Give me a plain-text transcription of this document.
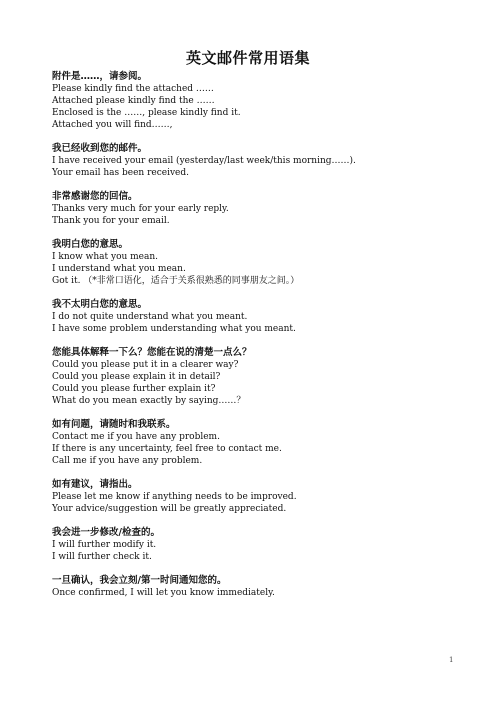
英文邮件常用语集
附件是……，请参阅。
Please kindly find the attached ……
Attached please kindly find the ……
Enclosed is the ……, please kindly find it.
Attached you will find……,
我已经收到您的邮件。
I have received your email (yesterday/last week/this morning……).
Your email has been received.
非常感谢您的回信。
Thanks very much for your early reply.
Thank you for your email.
我明白您的意思。
I know what you mean.
I understand what you mean.
Got it. （*非常口语化，适合于关系很熟悉的同事朋友之间。）
我不太明白您的意思。
I do not quite understand what you meant.
I have some problem understanding what you meant.
您能具体解释一下么？您能在说的清楚一点么？
Could you please put it in a clearer way?
Could you please explain it in detail?
Could you please further explain it?
What do you mean exactly by saying……？
如有问题，请随时和我联系。
Contact me if you have any problem.
If there is any uncertainty, feel free to contact me.
Call me if you have any problem.
如有建议，请指出。
Please let me know if anything needs to be improved.
Your advice/suggestion will be greatly appreciated.
我会进一步修改/检查的。
I will further modify it.
I will further check it.
一旦确认，我会立刻/第一时间通知您的。
Once confirmed, I will let you know immediately.
1
